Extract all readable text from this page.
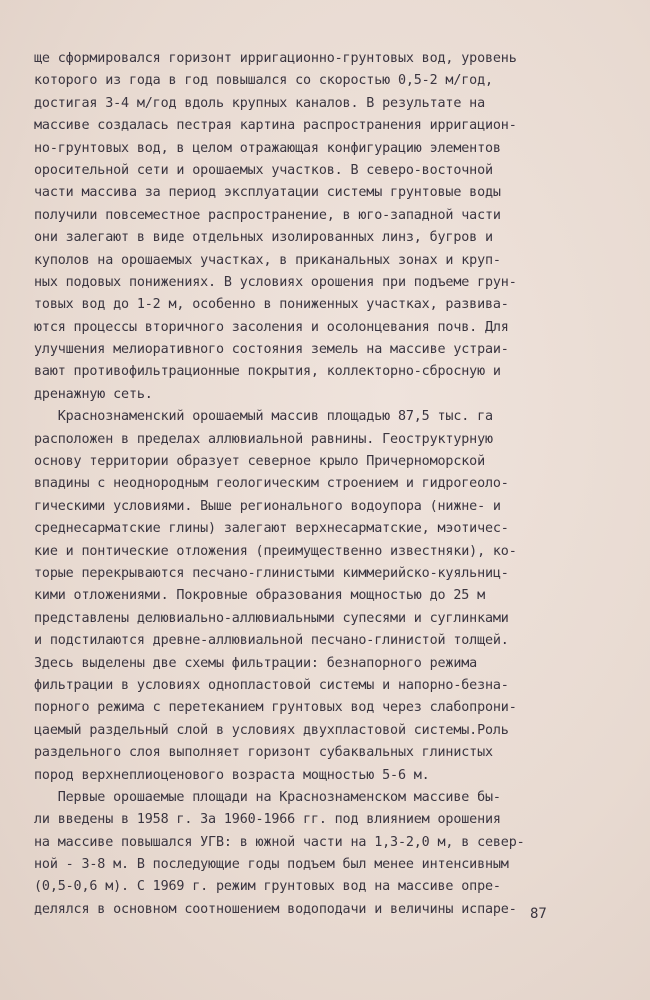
ще сформировался горизонт ирригационно-грунтовых вод, уровень
которого из года в год повышался со скоростью 0,5-2 м/год,
достигая 3-4 м/год вдоль крупных каналов. В результате на
массиве создалась пестрая картина распространения ирригацион-
но-грунтовых вод, в целом отражающая конфигурацию элементов
оросительной сети и орошаемых участков. В северо-восточной
части массива за период эксплуатации системы грунтовые воды
получили повсеместное распространение, в юго-западной части
они залегают в виде отдельных изолированных линз, бугров и
куполов на орошаемых участках, в приканальных зонах и круп-
ных подовых понижениях. В условиях орошения при подъеме грун-
товых вод до 1-2 м, особенно в пониженных участках, развива-
ются процессы вторичного засоления и осолонцевания почв. Для
улучшения мелиоративного состояния земель на массиве устраи-
вают противофильтрационные покрытия, коллекторно-сбросную и
дренажную сеть.
Краснознаменский орошаемый массив площадью 87,5 тыс. га
расположен в пределах аллювиальной равнины. Геоструктурную
основу территории образует северное крыло Причерноморской
впадины с неоднородным геологическим строением и гидрогеоло-
гическими условиями. Выше регионального водоупора (нижне- и
среднесарматские глины) залегают верхнесарматские, мэотичес-
кие и понтические отложения (преимущественно известняки), ко-
торые перекрываются песчано-глинистыми киммерийско-куяльниц-
кими отложениями. Покровные образования мощностью до 25 м
представлены делювиально-аллювиальными супесями и суглинками
и подстилаются древне-аллювиальной песчано-глинистой толщей.
Здесь выделены две схемы фильтрации: безнапорного режима
фильтрации в условиях однопластовой системы и напорно-безна-
порного режима с перетеканием грунтовых вод через слабопрони-
цаемый раздельный слой в условиях двухпластовой системы.Роль
раздельного слоя выполняет горизонт субаквальных глинистых
пород верхнеплиоценового возраста мощностью 5-6 м.
Первые орошаемые площади на Краснознаменском массиве бы-
ли введены в 1958 г. За 1960-1966 гг. под влиянием орошения
на массиве повышался УГВ: в южной части на 1,3-2,0 м, в север-
ной - 3-8 м. В последующие годы подъем был менее интенсивным
(0,5-0,6 м). С 1969 г. режим грунтовых вод на массиве опре-
делялся в основном соотношением водоподачи и величины испаре- 87
